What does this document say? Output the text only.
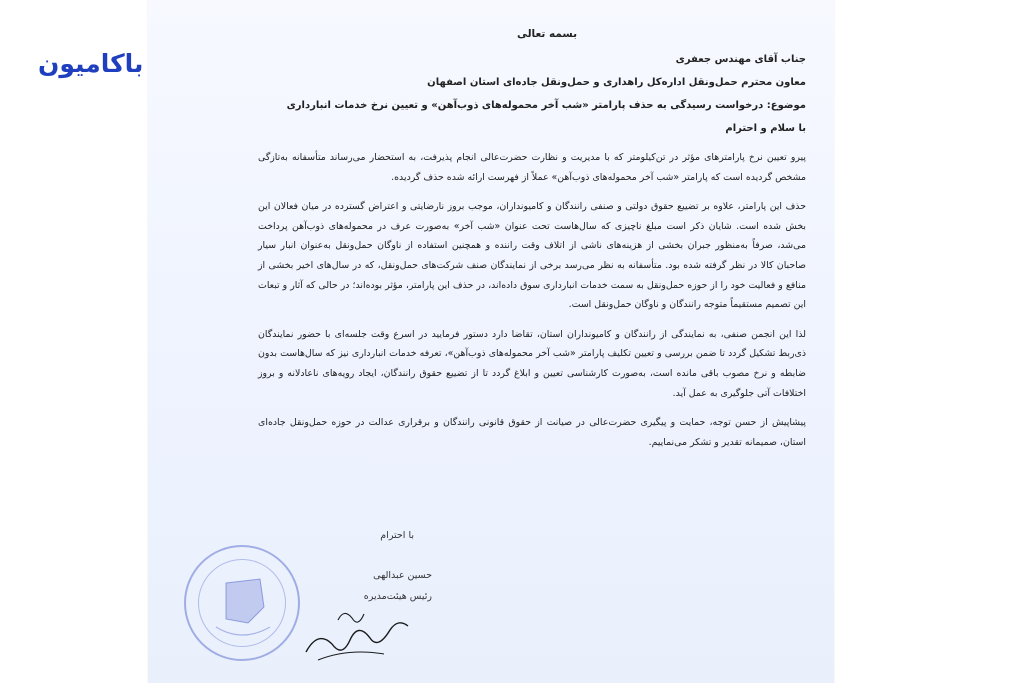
باکامیون
بسمه تعالی
جناب آقای مهندس جعفری
معاون محترم حمل‌ونقل اداره‌کل راهداری و حمل‌ونقل جاده‌ای استان اصفهان
موضوع: درخواست رسیدگی به حذف پارامتر «شب آخر محموله‌های ذوب‌آهن» و تعیین نرخ خدمات انبارداری
با سلام و احترام

پیرو تعیین نرخ پارامترهای مؤثر در تن‌کیلومتر که با مدیریت و نظارت حضرت‌عالی انجام پذیرفت، به استحضار می‌رساند متأسفانه به‌تازگی مشخص گردیده است که پارامتر «شب آخر محموله‌های ذوب‌آهن» عملاً از فهرست ارائه شده حذف گردیده.

حذف این پارامتر، علاوه بر تضییع حقوق دولتی و صنفی رانندگان و کامیونداران، موجب بروز نارضایتی و اعتراض گسترده در میان فعالان این بخش شده است. شایان ذکر است مبلغ ناچیزی که سال‌هاست تحت عنوان «شب آخر» به‌صورت عرف در محموله‌های ذوب‌آهن پرداخت می‌شد، صرفاً به‌منظور جبران بخشی از هزینه‌های ناشی از اتلاف وقت راننده و همچنین استفاده از ناوگان حمل‌ونقل به‌عنوان انبار سیار صاحبان کالا در نظر گرفته شده بود. متأسفانه به نظر می‌رسد برخی از نمایندگان صنف شرکت‌های حمل‌ونقل، که در سال‌های اخیر بخشی از منافع و فعالیت خود را از حوزه حمل‌ونقل به سمت خدمات انبارداری سوق داده‌اند، در حذف این پارامتر، مؤثر بوده‌اند؛ در حالی که آثار و تبعات این تصمیم مستقیماً متوجه رانندگان و ناوگان حمل‌ونقل است.

لذا این انجمن صنفی، به نمایندگی از رانندگان و کامیونداران استان، تقاضا دارد دستور فرمایید در اسرع وقت جلسه‌ای با حضور نمایندگان ذی‌ربط تشکیل گردد تا ضمن بررسی و تعیین تکلیف پارامتر «شب آخر محموله‌های ذوب‌آهن»، تعرفه خدمات انبارداری نیز که سال‌هاست بدون ضابطه و نرخ مصوب باقی مانده است، به‌صورت کارشناسی تعیین و ابلاغ گردد تا از تضییع حقوق رانندگان، ایجاد رویه‌های ناعادلانه و بروز اختلافات آتی جلوگیری به عمل آید.

پیشاپیش از حسن توجه، حمایت و پیگیری حضرت‌عالی در صیانت از حقوق قانونی رانندگان و برقراری عدالت در حوزه حمل‌ونقل جاده‌ای استان، صمیمانه تقدیر و تشکر می‌نماییم.

با احترام
حسین عبدالهی
رئیس هیئت‌مدیره
